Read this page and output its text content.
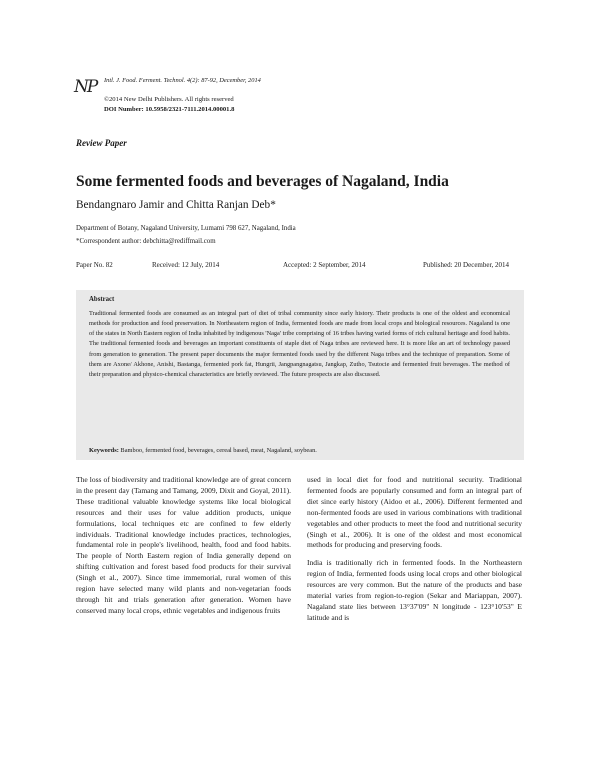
NP Intl. J. Food. Ferment. Technol. 4(2): 87-92, December, 2014
©2014 New Delhi Publishers. All rights reserved
DOI Number: 10.5958/2321-7111.2014.00001.8
Review Paper
Some fermented foods and beverages of Nagaland, India
Bendangnaro Jamir and Chitta Ranjan Deb*
Department of Botany, Nagaland University, Lumami 798 627, Nagaland, India
*Correspondent author: debchitta@rediffmail.com
Paper No. 82	Received: 12 July, 2014	Accepted: 2 September, 2014	Published: 20 December, 2014
Abstract
Traditional fermented foods are consumed as an integral part of diet of tribal community since early history. Their products is one of the oldest and economical methods for production and food preservation. In Northeastern region of India, fermented foods are made from local crops and biological resources. Nagaland is one of the states in North Eastern region of India inhabited by indigenous 'Naga' tribe comprising of 16 tribes having varied forms of rich cultural heritage and food habits. The traditional fermented foods and beverages an important constituents of staple diet of Naga tribes are reviewed here. It is more like an art of technology passed from generation to generation. The present paper documents the major fermented foods used by the different Naga tribes and the technique of preparation. Some of them are Axone/ Akhone, Anishi, Bastanga, fermented pork fat, Hungrii, Jangpangnagatsu, Jangkap, Zutho, Tsutocie and fermented fruit beverages. The method of their preparation and physico-chemical characteristics are briefly reviewed. The future prospects are also discussed.
Keywords: Bamboo, fermented food, beverages, cereal based, meat, Nagaland, soybean.

The loss of biodiversity and traditional knowledge are of great concern in the present day (Tamang and Tamang, 2009, Dixit and Goyal, 2011). These traditional valuable knowledge systems like local biological resources and their uses for value addition products, unique formulations, local techniques etc are confined to few elderly individuals. Traditional knowledge includes practices, technologies, fundamental role in people's livelihood, health, food and food habits. The people of North Eastern region of India generally depend on shifting cultivation and forest based food products for their survival (Singh et al., 2007). Since time immemorial, rural women of this region have selected many wild plants and non-vegetarian foods through hit and trials generation after generation. Women have conserved many local crops, ethnic vegetables and indigenous fruits

used in local diet for food and nutritional security. Traditional fermented foods are popularly consumed and form an integral part of diet since early history (Aidoo et al., 2006). Different fermented and non-fermented foods are used in various combinations with traditional vegetables and other products to meet the food and nutritional security (Singh et al., 2006). It is one of the oldest and most economical methods for producing and preserving foods.

India is traditionally rich in fermented foods. In the Northeastern region of India, fermented foods using local crops and other biological resources are very common. But the nature of the products and base material varies from region-to-region (Sekar and Mariappan, 2007). Nagaland state lies between 13°37'09" N longitude - 123°10'53" E latitude and is
